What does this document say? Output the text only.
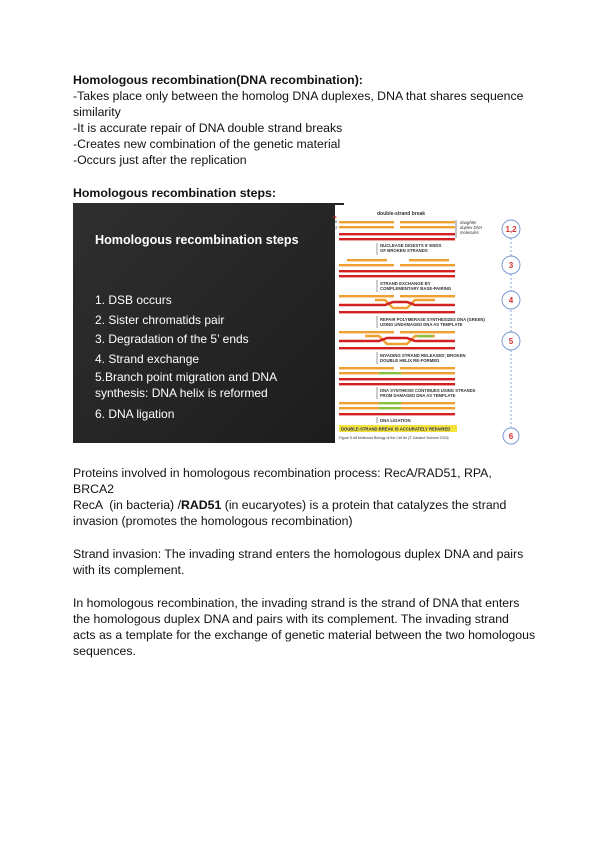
Homologous recombination(DNA recombination):
-Takes place only between the homolog DNA duplexes, DNA that shares sequence
similarity
-It is accurate repair of DNA double strand breaks
-Creates new combination of the genetic material
-Occurs just after the replication
Homologous recombination steps:
Homologous recombination steps
1. DSB occurs
2. Sister chromatids pair
3. Degradation of the 5’ ends
4. Strand exchange
5.Branch point migration and DNA
synthesis: DNA helix is reformed
6. DNA ligation
➞
double-strand break
daughter
duplex DNA
molecules
5’
3’
NUCLEASE DIGESTS 5’ ENDS
OF BROKEN STRANDS
STRAND EXCHANGE BY
COMPLEMENTARY BASE-PAIRING
REPAIR POLYMERASE SYNTHESIZES DNA (GREEN)
USING UNDAMAGED DNA AS TEMPLATE
INVADING STRAND RELEASED; BROKEN
DOUBLE HELIX RE-FORMED
DNA SYNTHESIS CONTINUES USING STRANDS
FROM DAMAGED DNA AS TEMPLATE
DNA LIGATION
DOUBLE-STRAND BREAK IS ACCURATELY REPAIRED
Figure 5-48 Molecular Biology of the Cell 6e (© Garland Science 2015)
1,2
3
4
5
6
Proteins involved in homologous recombination process: RecA/RAD51, RPA,
BRCA2
RecA  (in bacteria) /RAD51 (in eucaryotes) is a protein that catalyzes the strand
invasion (promotes the homologous recombination)
Strand invasion: The invading strand enters the homologous duplex DNA and pairs
with its complement.
In homologous recombination, the invading strand is the strand of DNA that enters
the homologous duplex DNA and pairs with its complement. The invading strand
acts as a template for the exchange of genetic material between the two homologous
sequences.
